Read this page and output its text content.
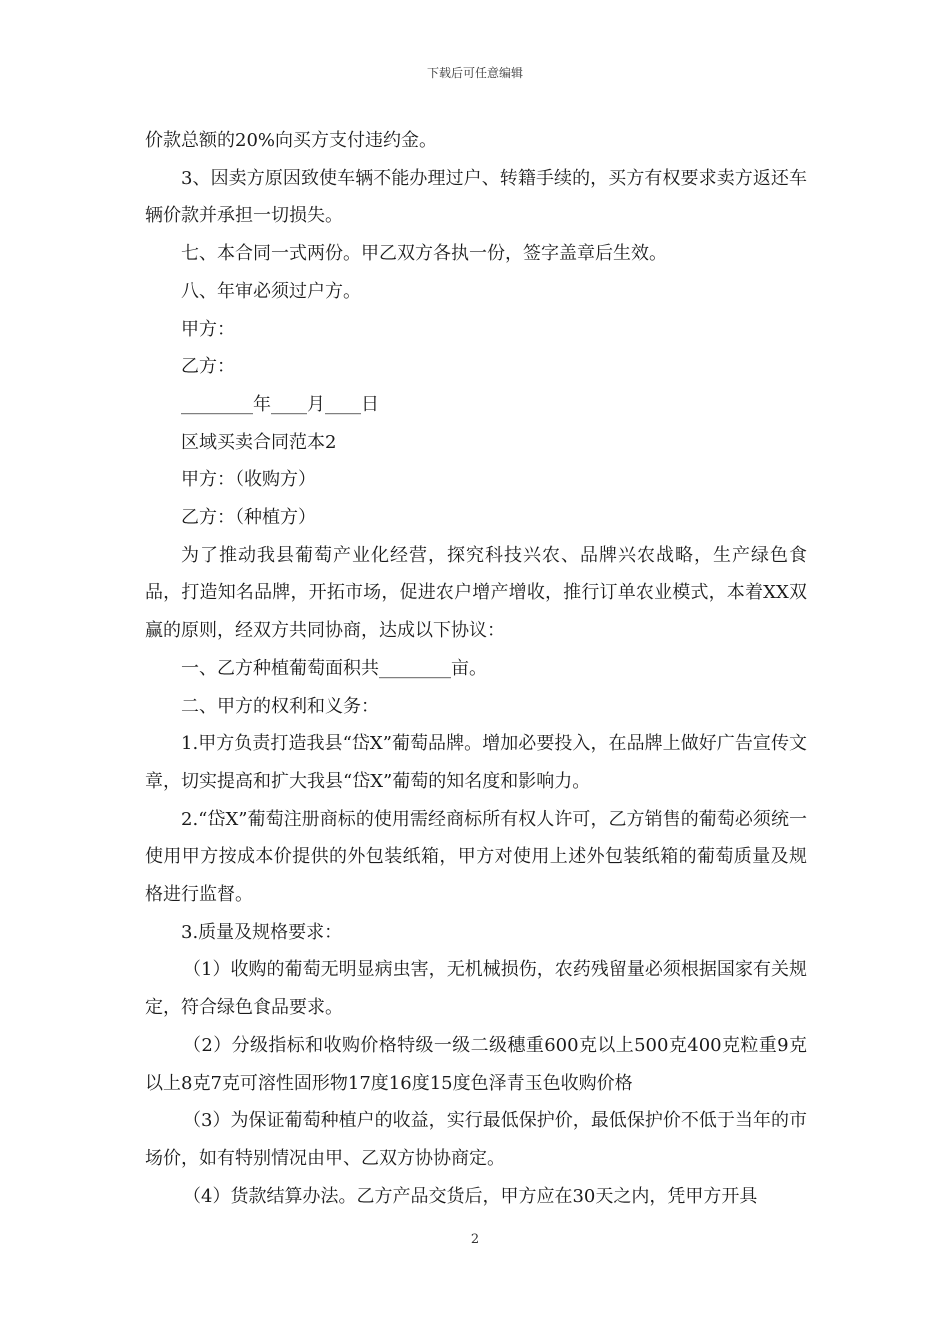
下载后可任意编辑

价款总额的20%向买方支付违约金。

3、因卖方原因致使车辆不能办理过户、转籍手续的，买方有权要求卖方返还车辆价款并承担一切损失。

七、本合同一式两份。甲乙双方各执一份，签字盖章后生效。

八、年审必须过户方。

甲方：

乙方：

________年____月____日

区域买卖合同范本2

甲方：（收购方）

乙方：（种植方）

为了推动我县葡萄产业化经营，探究科技兴农、品牌兴农战略，生产绿色食品，打造知名品牌，开拓市场，促进农户增产增收，推行订单农业模式，本着XX双赢的原则，经双方共同协商，达成以下协议：

一、乙方种植葡萄面积共________亩。

二、甲方的权利和义务：

1.甲方负责打造我县“岱X”葡萄品牌。增加必要投入，在品牌上做好广告宣传文章，切实提高和扩大我县“岱X”葡萄的知名度和影响力。

2.“岱X”葡萄注册商标的使用需经商标所有权人许可，乙方销售的葡萄必须统一使用甲方按成本价提供的外包装纸箱，甲方对使用上述外包装纸箱的葡萄质量及规格进行监督。

3.质量及规格要求：

（1）收购的葡萄无明显病虫害，无机械损伤，农药残留量必须根据国家有关规定，符合绿色食品要求。

（2）分级指标和收购价格特级一级二级穗重600克以上500克400克粒重9克以上8克7克可溶性固形物17度16度15度色泽青玉色收购价格

（3）为保证葡萄种植户的收益，实行最低保护价，最低保护价不低于当年的市场价，如有特别情况由甲、乙双方协协商定。

（4）货款结算办法。乙方产品交货后，甲方应在30天之内，凭甲方开具

2
